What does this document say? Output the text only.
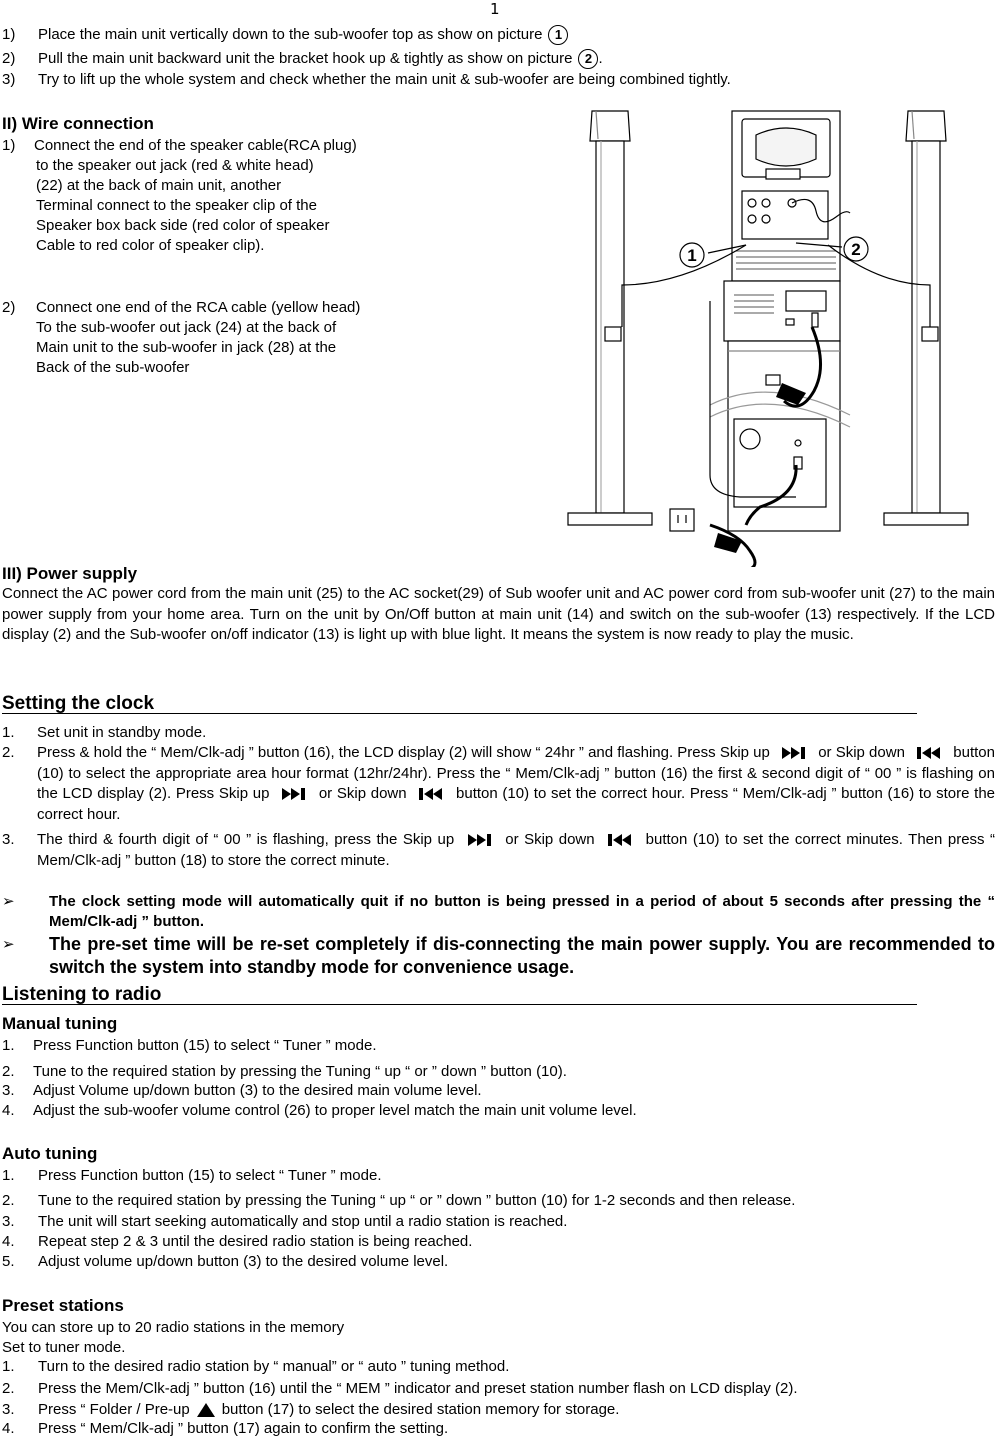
1
1) Place the main unit vertically down to the sub-woofer top as show on picture 1
2) Pull the main unit backward unit the bracket hook up & tightly as show on picture 2 .
3) Try to lift up the whole system and check whether the main unit & sub-woofer are being combined tightly.
II) Wire connection
1) Connect the end of the speaker cable(RCA plug)
to the speaker out jack (red & white head)
(22) at the back of main unit, another
Terminal connect to the speaker clip of the
Speaker box back side (red color of speaker
Cable to red color of speaker clip).
2) Connect one end of the RCA cable (yellow head)
To the sub-woofer out jack (24) at the back of
Main unit to the sub-woofer in jack (28) at the
Back of the sub-woofer
1	2
III) Power supply
Connect the AC power cord from the main unit (25) to the AC socket(29) of Sub woofer unit and AC power cord from sub-woofer unit (27) to the main power supply from your home area. Turn on the unit by On/Off button at main unit (14) and switch on the sub-woofer (13) respectively. If the LCD display (2) and the Sub-woofer on/off indicator (13) is light up with blue light. It means the system is now ready to play the music.
Setting the clock
1. Set unit in standby mode.
2. Press & hold the “ Mem/Clk-adj ” button (16), the LCD display (2) will show “ 24hr ” and flashing. Press Skip up	or Skip down	button (10) to select the appropriate area hour format (12hr/24hr). Press the “ Mem/Clk-adj ” button (16) the first & second digit of “ 00 ” is flashing on the LCD display (2). Press Skip up	or Skip down	button (10) to set the correct hour. Press “ Mem/Clk-adj ” button (16) to store the correct hour.
3. The third & fourth digit of “ 00 ” is flashing, press the Skip up	or Skip down	button (10) to set the correct minutes. Then press “ Mem/Clk-adj ” button (18) to store the correct minute.
➢ The clock setting mode will automatically quit if no button is being pressed in a period of about 5 seconds after pressing the “ Mem/Clk-adj ” button.
➢ The pre-set time will be re-set completely if dis-connecting the main power supply. You are recommended to switch the system into standby mode for convenience usage.
Listening to radio
Manual tuning
1. Press Function button (15) to select “ Tuner ” mode.
2. Tune to the required station by pressing the Tuning “ up “ or ” down ” button (10).
3. Adjust Volume up/down button (3) to the desired main volume level.
4. Adjust the sub-woofer volume control (26) to proper level match the main unit volume level.
Auto tuning
1. Press Function button (15) to select “ Tuner ” mode.
2. Tune to the required station by pressing the Tuning “ up “ or ” down ” button (10) for 1-2 seconds and then release.
3. The unit will start seeking automatically and stop until a radio station is reached.
4. Repeat step 2 & 3 until the desired radio station is being reached.
5. Adjust volume up/down button (3) to the desired volume level.
Preset stations
You can store up to 20 radio stations in the memory
Set to tuner mode.
1. Turn to the desired radio station by “ manual” or “ auto ” tuning method.
2. Press the Mem/Clk-adj ” button (16) until the “ MEM ” indicator and preset station number flash on LCD display (2).
3. Press “ Folder / Pre-up button (17) to select the desired station memory for storage.
4. Press “ Mem/Clk-adj ” button (17) again to confirm the setting.
